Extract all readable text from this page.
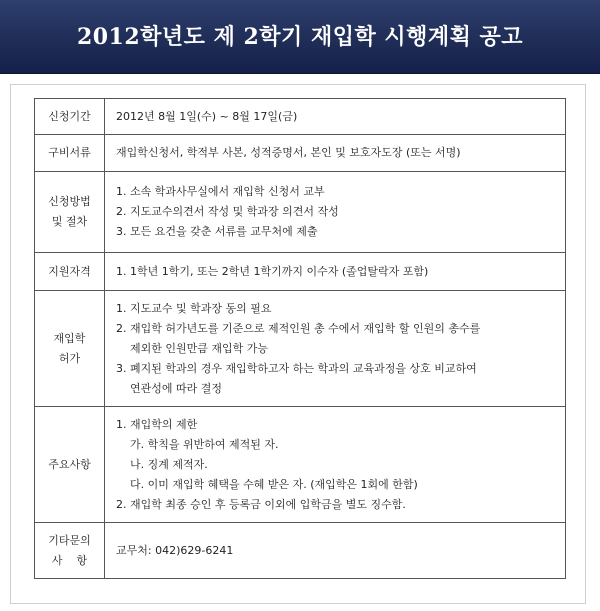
2012학년도 제 2학기 재입학 시행계획 공고
신청기간	2012년 8월 1일(수) ~ 8월 17일(금)

구비서류	재입학신청서, 학적부 사본, 성적증명서, 본인 및 보호자도장 (또는 서명)

신청방법
및 절차	1. 소속 학과사무실에서 재입학 신청서 교부
2. 지도교수의견서 작성 및 학과장 의견서 작성
3. 모든 요건을 갖춘 서류를 교무처에 제출

지원자격	1. 1학년 1학기, 또는 2학년 1학기까지 이수자 (졸업탈락자 포함)

재입학
허가	1. 지도교수 및 학과장 동의 필요
2. 재입학 허가년도를 기준으로 제적인원 총 수에서 재입학 할 인원의 총수를
제외한 인원만큼 재입학 가능
3. 폐지된 학과의 경우 재입학하고자 하는 학과의 교육과정을 상호 비교하여
연관성에 따라 결정

주요사항	1. 재입학의 제한
가. 학칙을 위반하여 제적된 자.
나. 징계 제적자.
다. 이미 재입학 혜택을 수혜 받은 자. (재입학은 1회에 한함)
2. 재입학 최종 승인 후 등록금 이외에 입학금을 별도 징수함.

기타문의
사    항	교무처: 042)629-6241
